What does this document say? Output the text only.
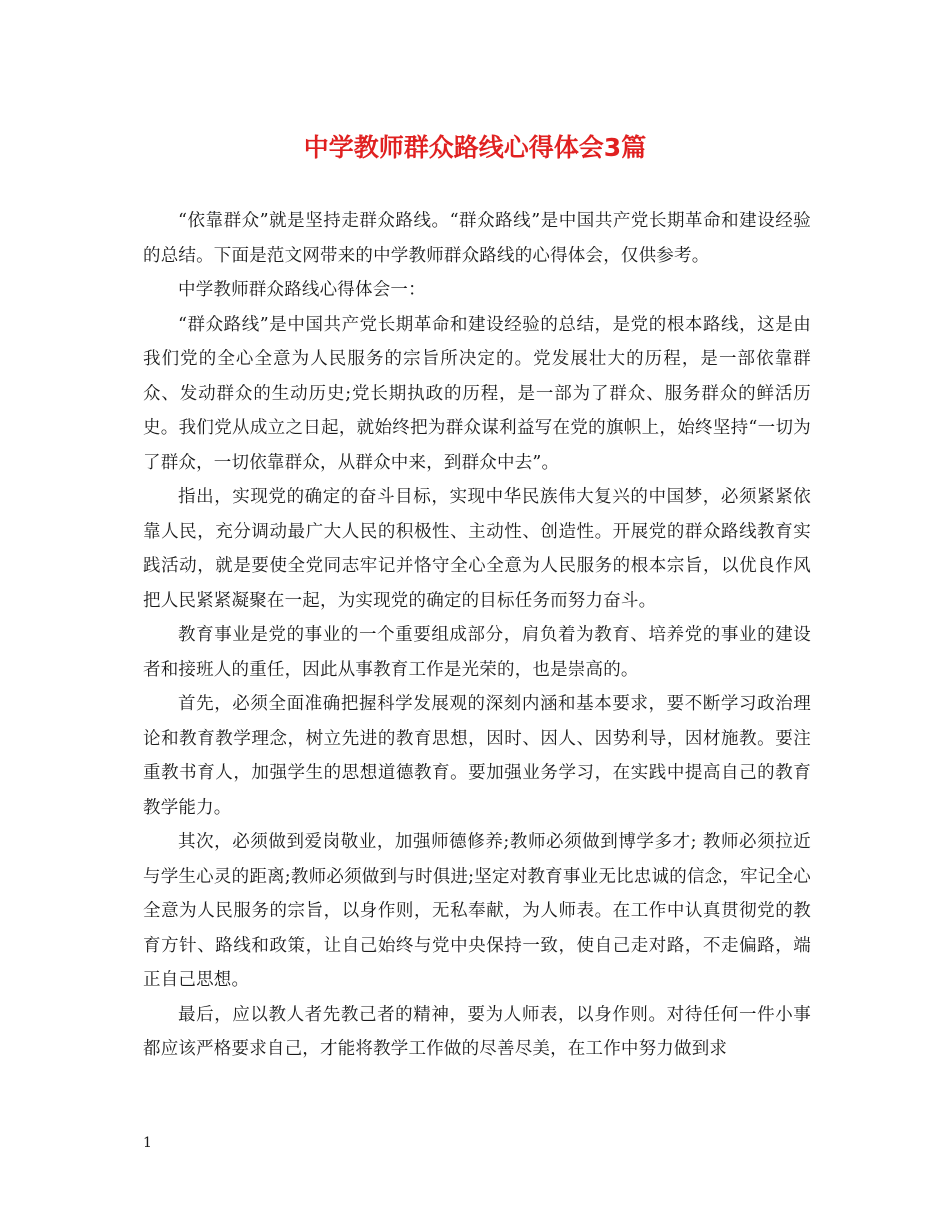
中学教师群众路线心得体会3篇

“依靠群众”就是坚持走群众路线。“群众路线”是中国共产党长期革命和建设经验的总结。下面是范文网带来的中学教师群众路线的心得体会，仅供参考。

中学教师群众路线心得体会一：

“群众路线”是中国共产党长期革命和建设经验的总结，是党的根本路线，这是由我们党的全心全意为人民服务的宗旨所决定的。党发展壮大的历程，是一部依靠群众、发动群众的生动历史;党长期执政的历程，是一部为了群众、服务群众的鲜活历史。我们党从成立之日起，就始终把为群众谋利益写在党的旗帜上，始终坚持“一切为了群众，一切依靠群众，从群众中来，到群众中去”。

指出，实现党的确定的奋斗目标，实现中华民族伟大复兴的中国梦，必须紧紧依靠人民，充分调动最广大人民的积极性、主动性、创造性。开展党的群众路线教育实践活动，就是要使全党同志牢记并恪守全心全意为人民服务的根本宗旨，以优良作风把人民紧紧凝聚在一起，为实现党的确定的目标任务而努力奋斗。

教育事业是党的事业的一个重要组成部分，肩负着为教育、培养党的事业的建设者和接班人的重任，因此从事教育工作是光荣的，也是崇高的。

首先，必须全面准确把握科学发展观的深刻内涵和基本要求，要不断学习政治理论和教育教学理念，树立先进的教育思想，因时、因人、因势利导，因材施教。要注重教书育人，加强学生的思想道德教育。要加强业务学习，在实践中提高自己的教育教学能力。

其次，必须做到爱岗敬业，加强师德修养;教师必须做到博学多才; 教师必须拉近与学生心灵的距离;教师必须做到与时俱进;坚定对教育事业无比忠诚的信念，牢记全心全意为人民服务的宗旨，以身作则，无私奉献，为人师表。在工作中认真贯彻党的教育方针、路线和政策，让自己始终与党中央保持一致，使自己走对路，不走偏路，端正自己思想。

最后，应以教人者先教己者的精神，要为人师表，以身作则。对待任何一件小事都应该严格要求自己，才能将教学工作做的尽善尽美，在工作中努力做到求

1
